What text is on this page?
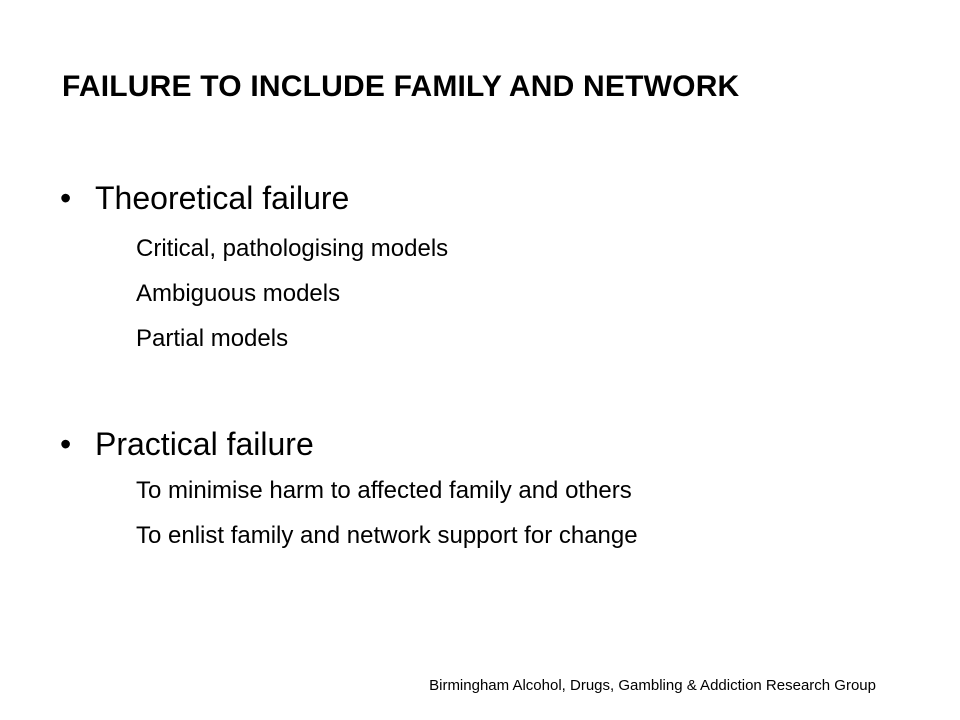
FAILURE TO INCLUDE FAMILY AND NETWORK
• Theoretical failure
Critical, pathologising models
Ambiguous models
Partial models
• Practical failure
To minimise harm to affected family and others
To enlist family and network support for change
Birmingham Alcohol, Drugs, Gambling & Addiction Research Group
